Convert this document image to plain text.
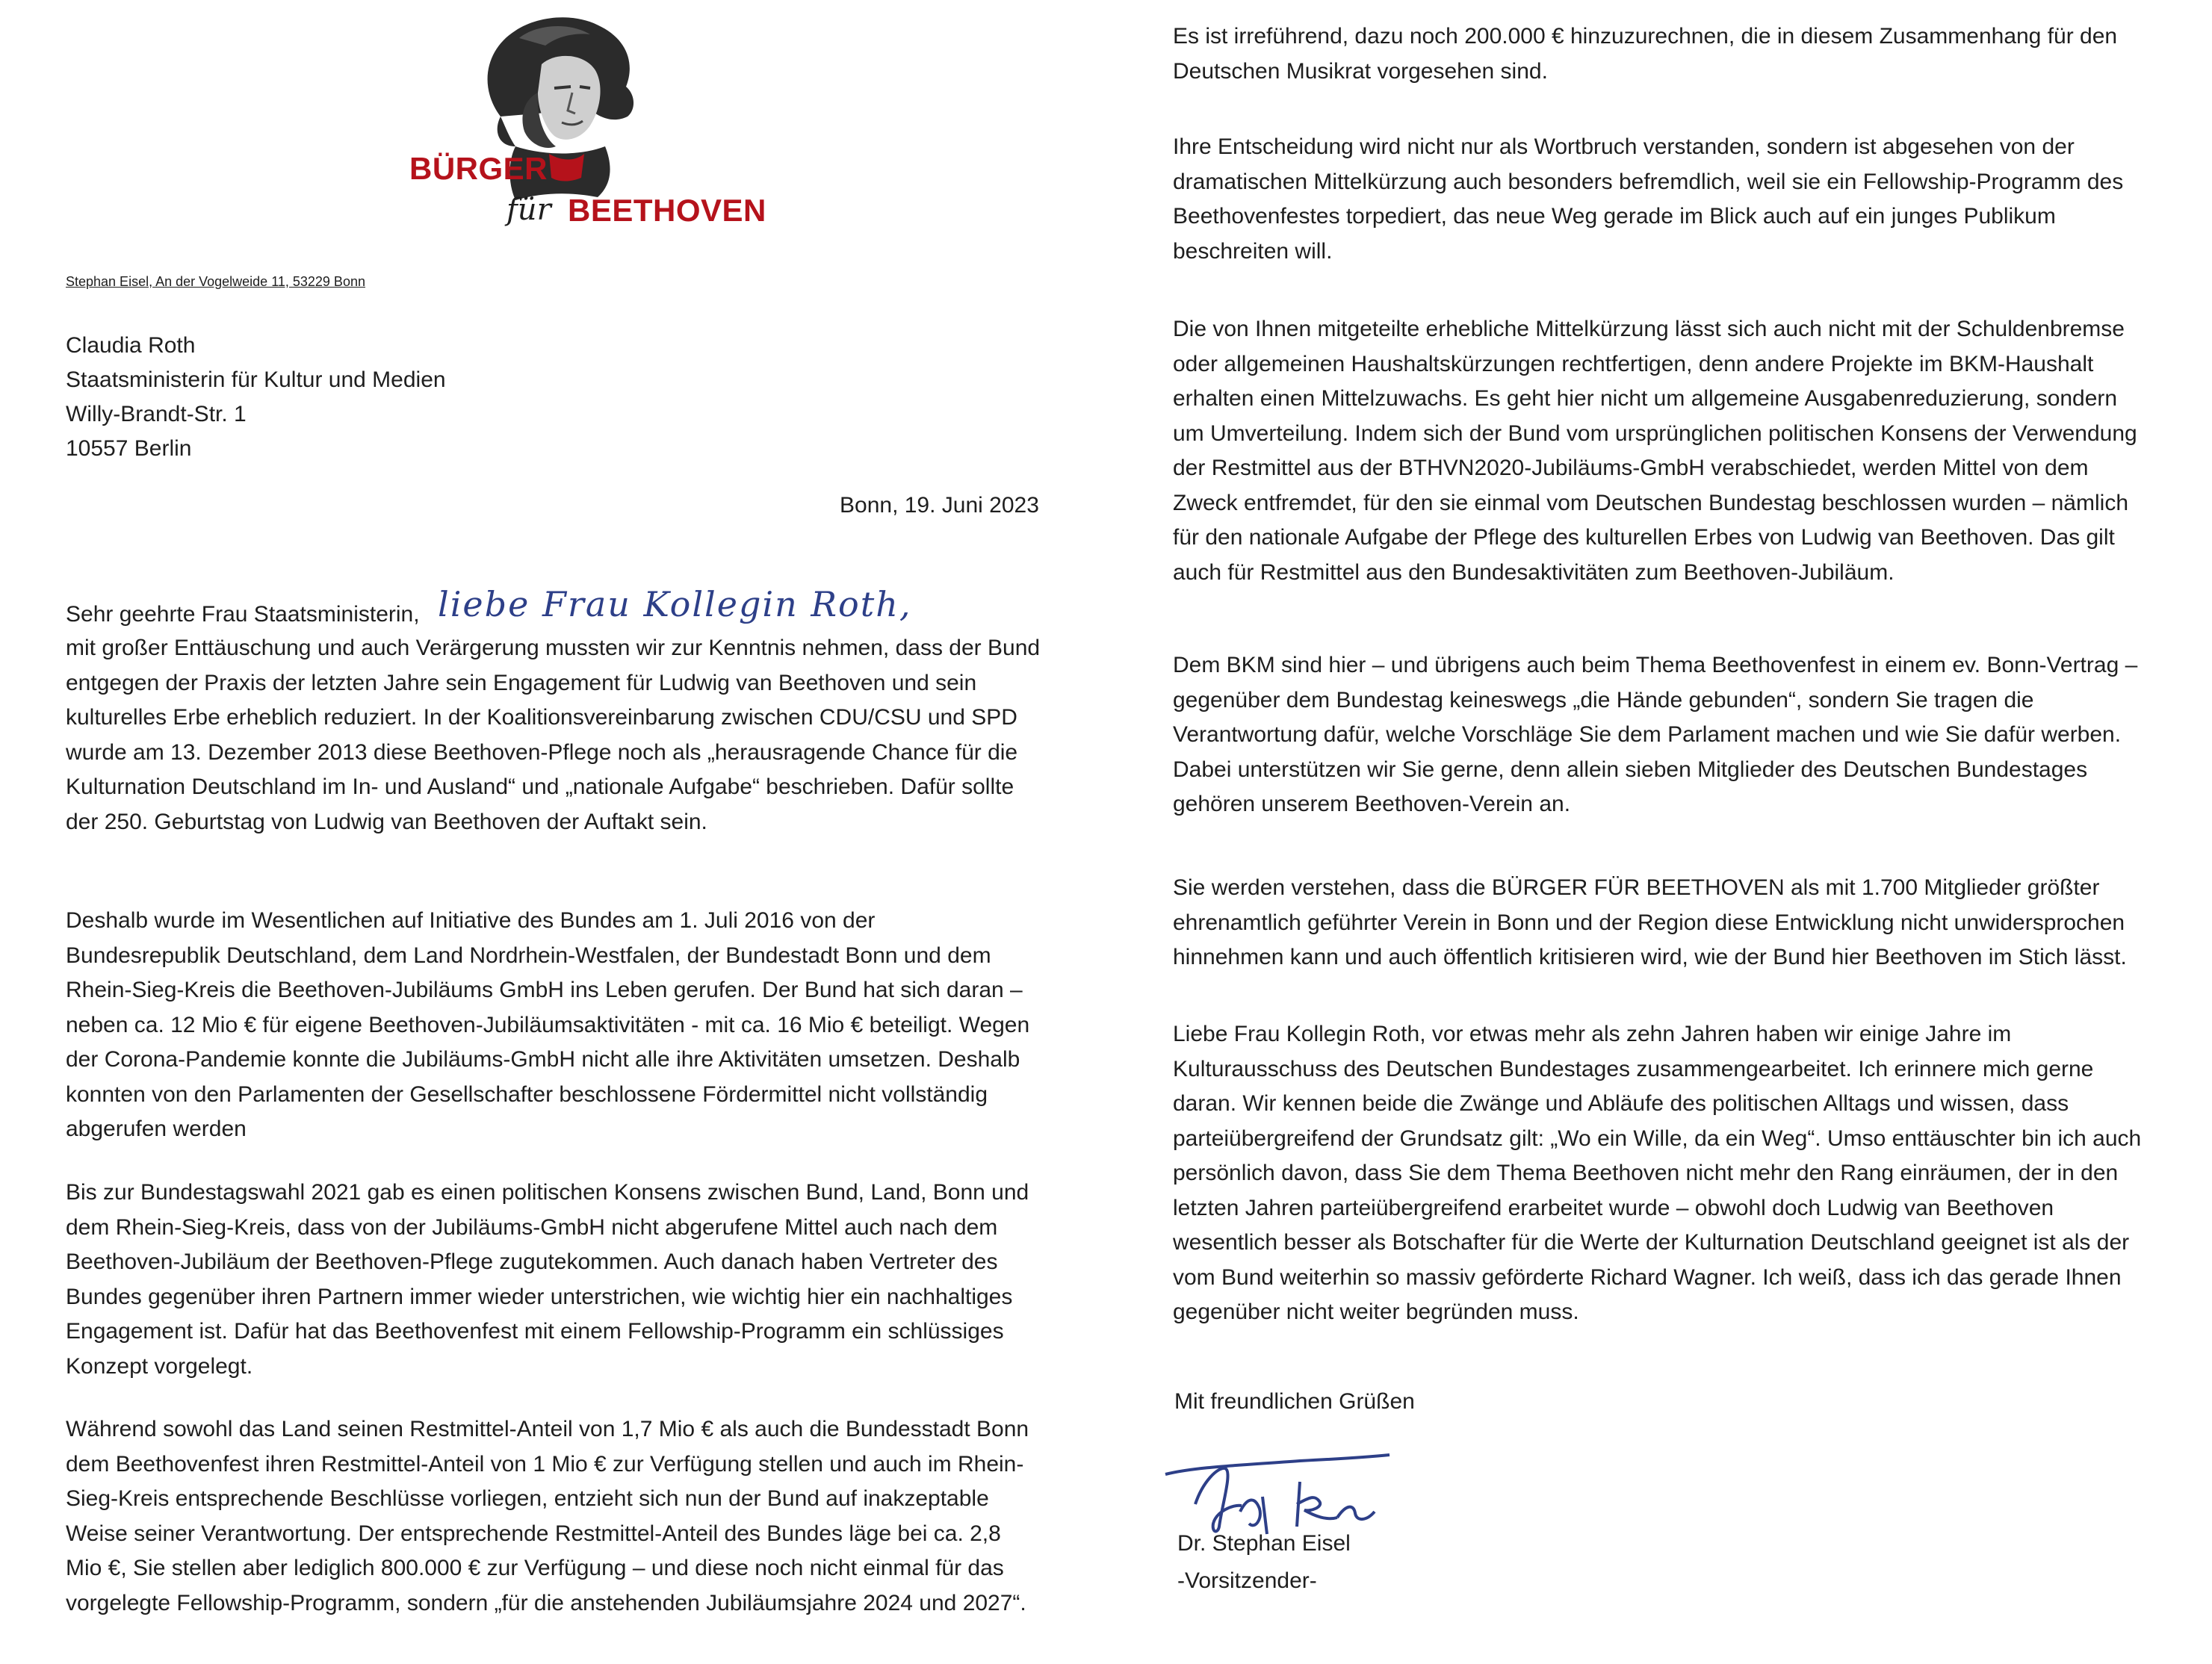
BÜRGER
für BEETHOVEN
Stephan Eisel, An der Vogelweide 11, 53229 Bonn
Claudia Roth
Staatsministerin für Kultur und Medien
Willy-Brandt-Str. 1
10557 Berlin
Bonn, 19. Juni 2023
Sehr geehrte Frau Staatsministerin, liebe Frau Kollegin Roth,
mit großer Enttäuschung und auch Verärgerung mussten wir zur Kenntnis nehmen, dass der Bund
entgegen der Praxis der letzten Jahre sein Engagement für Ludwig van Beethoven und sein
kulturelles Erbe erheblich reduziert. In der Koalitionsvereinbarung zwischen CDU/CSU und SPD
wurde am 13. Dezember 2013 diese Beethoven-Pflege noch als „herausragende Chance für die
Kulturnation Deutschland im In- und Ausland“ und „nationale Aufgabe“ beschrieben. Dafür sollte
der 250. Geburtstag von Ludwig van Beethoven der Auftakt sein.
Deshalb wurde im Wesentlichen auf Initiative des Bundes am 1. Juli 2016 von der
Bundesrepublik Deutschland, dem Land Nordrhein-Westfalen, der Bundestadt Bonn und dem
Rhein-Sieg-Kreis die Beethoven-Jubiläums GmbH ins Leben gerufen. Der Bund hat sich daran –
neben ca. 12 Mio € für eigene Beethoven-Jubiläumsaktivitäten - mit ca. 16 Mio € beteiligt. Wegen
der Corona-Pandemie konnte die Jubiläums-GmbH nicht alle ihre Aktivitäten umsetzen. Deshalb
konnten von den Parlamenten der Gesellschafter beschlossene Fördermittel nicht vollständig
abgerufen werden
Bis zur Bundestagswahl 2021 gab es einen politischen Konsens zwischen Bund, Land, Bonn und
dem Rhein-Sieg-Kreis, dass von der Jubiläums-GmbH nicht abgerufene Mittel auch nach dem
Beethoven-Jubiläum der Beethoven-Pflege zugutekommen. Auch danach haben Vertreter des
Bundes gegenüber ihren Partnern immer wieder unterstrichen, wie wichtig hier ein nachhaltiges
Engagement ist. Dafür hat das Beethovenfest mit einem Fellowship-Programm ein schlüssiges
Konzept vorgelegt.
Während sowohl das Land seinen Restmittel-Anteil von 1,7 Mio € als auch die Bundesstadt Bonn
dem Beethovenfest ihren Restmittel-Anteil von 1 Mio € zur Verfügung stellen und auch im Rhein-
Sieg-Kreis entsprechende Beschlüsse vorliegen, entzieht sich nun der Bund auf inakzeptable
Weise seiner Verantwortung. Der entsprechende Restmittel-Anteil des Bundes läge bei ca. 2,8
Mio €, Sie stellen aber lediglich 800.000 € zur Verfügung – und diese noch nicht einmal für das
vorgelegte Fellowship-Programm, sondern „für die anstehenden Jubiläumsjahre 2024 und 2027“.
Es ist irreführend, dazu noch 200.000 € hinzuzurechnen, die in diesem Zusammenhang für den
Deutschen Musikrat vorgesehen sind.
Ihre Entscheidung wird nicht nur als Wortbruch verstanden, sondern ist abgesehen von der
dramatischen Mittelkürzung auch besonders befremdlich, weil sie ein Fellowship-Programm des
Beethovenfestes torpediert, das neue Weg gerade im Blick auch auf ein junges Publikum
beschreiten will.
Die von Ihnen mitgeteilte erhebliche Mittelkürzung lässt sich auch nicht mit der Schuldenbremse
oder allgemeinen Haushaltskürzungen rechtfertigen, denn andere Projekte im BKM-Haushalt
erhalten einen Mittelzuwachs. Es geht hier nicht um allgemeine Ausgabenreduzierung, sondern
um Umverteilung. Indem sich der Bund vom ursprünglichen politischen Konsens der Verwendung
der Restmittel aus der BTHVN2020-Jubiläums-GmbH verabschiedet, werden Mittel von dem
Zweck entfremdet, für den sie einmal vom Deutschen Bundestag beschlossen wurden – nämlich
für den nationale Aufgabe der Pflege des kulturellen Erbes von Ludwig van Beethoven. Das gilt
auch für Restmittel aus den Bundesaktivitäten zum Beethoven-Jubiläum.
Dem BKM sind hier – und übrigens auch beim Thema Beethovenfest in einem ev. Bonn-Vertrag –
gegenüber dem Bundestag keineswegs „die Hände gebunden“, sondern Sie tragen die
Verantwortung dafür, welche Vorschläge Sie dem Parlament machen und wie Sie dafür werben.
Dabei unterstützen wir Sie gerne, denn allein sieben Mitglieder des Deutschen Bundestages
gehören unserem Beethoven-Verein an.
Sie werden verstehen, dass die BÜRGER FÜR BEETHOVEN als mit 1.700 Mitglieder größter
ehrenamtlich geführter Verein in Bonn und der Region diese Entwicklung nicht unwidersprochen
hinnehmen kann und auch öffentlich kritisieren wird, wie der Bund hier Beethoven im Stich lässt.
Liebe Frau Kollegin Roth, vor etwas mehr als zehn Jahren haben wir einige Jahre im
Kulturausschuss des Deutschen Bundestages zusammengearbeitet. Ich erinnere mich gerne
daran. Wir kennen beide die Zwänge und Abläufe des politischen Alltags und wissen, dass
parteiübergreifend der Grundsatz gilt: „Wo ein Wille, da ein Weg“. Umso enttäuschter bin ich auch
persönlich davon, dass Sie dem Thema Beethoven nicht mehr den Rang einräumen, der in den
letzten Jahren parteiübergreifend erarbeitet wurde – obwohl doch Ludwig van Beethoven
wesentlich besser als Botschafter für die Werte der Kulturnation Deutschland geeignet ist als der
vom Bund weiterhin so massiv geförderte Richard Wagner. Ich weiß, dass ich das gerade Ihnen
gegenüber nicht weiter begründen muss.
Mit freundlichen Grüßen
Dr. Stephan Eisel
-Vorsitzender-
